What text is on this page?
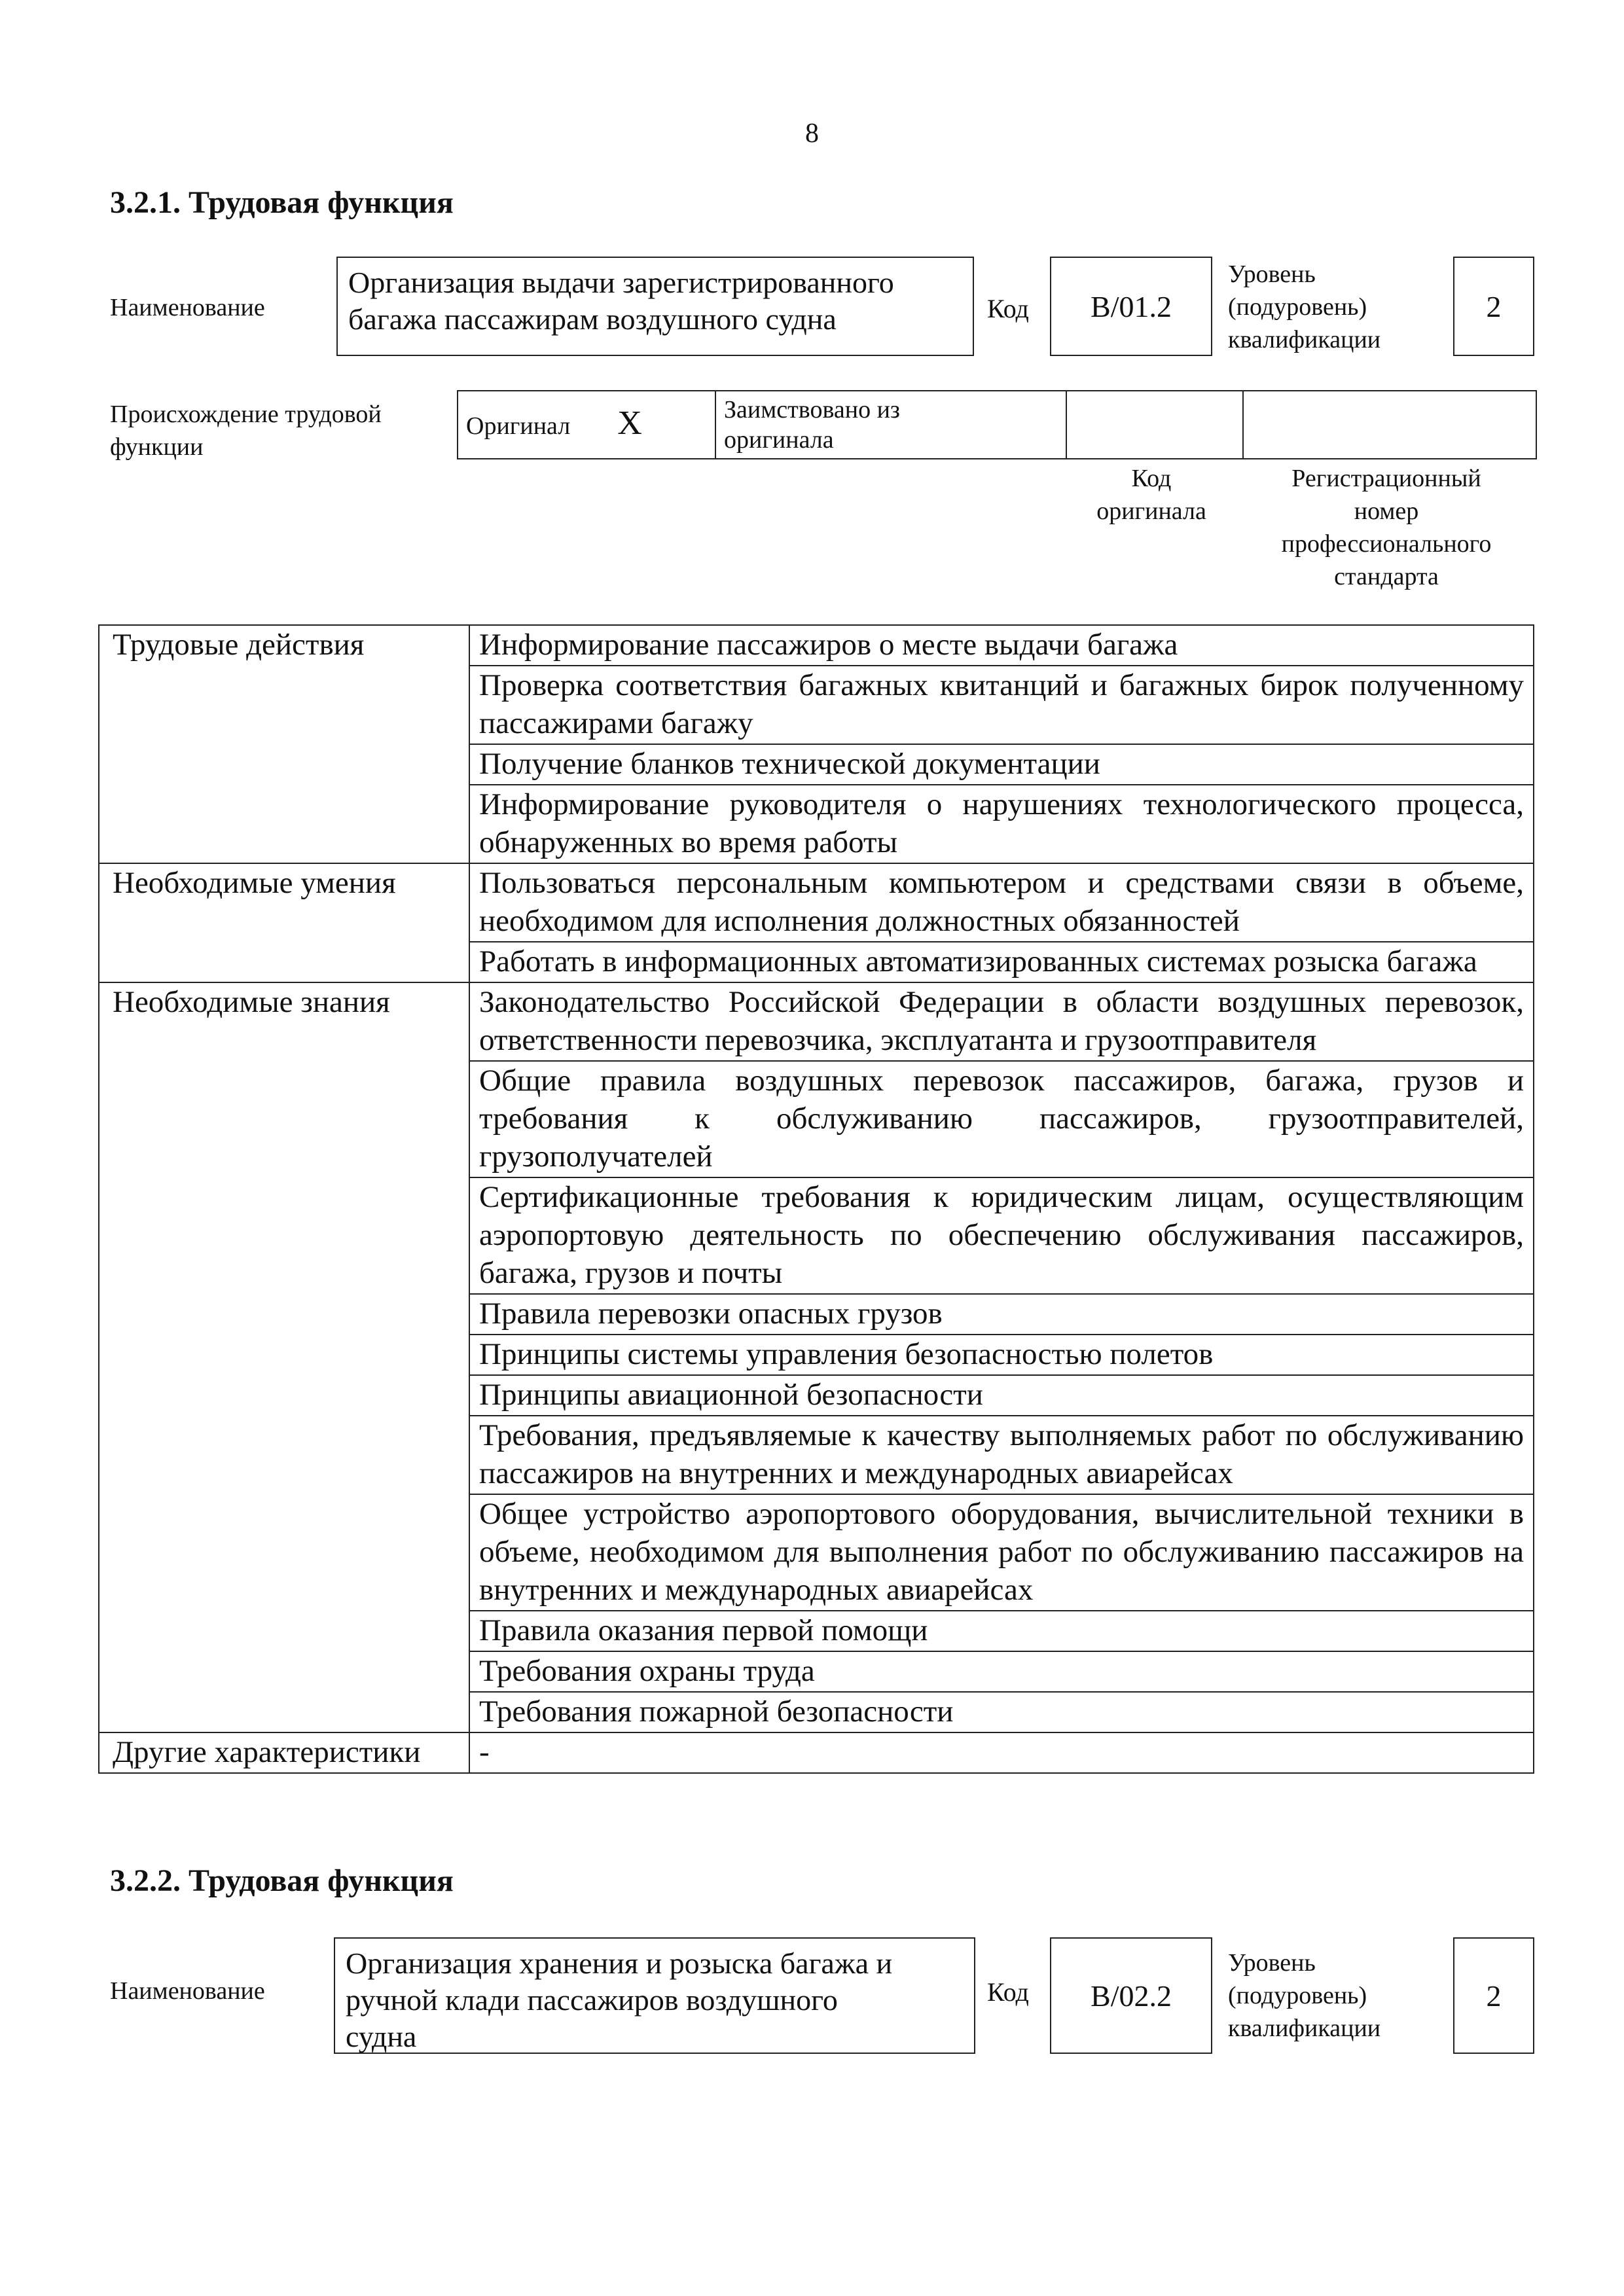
8
3.2.1. Трудовая функция
Наименование
Организация выдачи зарегистрированного
багажа пассажирам воздушного судна	Код B/01.2
Уровень
(подуровень)
квалификации
2
Происхождение трудовой
функции
Оригинал X	Заимствовано из
оригинала

Код
оригинала
Регистрационный
номер
профессионального
стандарта
Трудовые действия	Информирование пассажиров о месте выдачи багажа
	Проверка соответствия багажных квитанций и багажных бирок полученному пассажирами багажу
	Получение бланков технической документации
	Информирование руководителя о нарушениях технологического процесса, обнаруженных во время работы
Необходимые умения	Пользоваться персональным компьютером и средствами связи в объеме, необходимом для исполнения должностных обязанностей
	Работать в информационных автоматизированных системах розыска багажа
Необходимые знания	Законодательство Российской Федерации в области воздушных перевозок, ответственности перевозчика, эксплуатанта и грузоотправителя
	Общие правила воздушных перевозок пассажиров, багажа, грузов и требования к обслуживанию пассажиров, грузоотправителей, грузополучателей
	Сертификационные требования к юридическим лицам, осуществляющим аэропортовую деятельность по обеспечению обслуживания пассажиров, багажа, грузов и почты
	Правила перевозки опасных грузов
	Принципы системы управления безопасностью полетов
	Принципы авиационной безопасности
	Требования, предъявляемые к качеству выполняемых работ по обслуживанию пассажиров на внутренних и международных авиарейсах
	Общее устройство аэропортового оборудования, вычислительной техники в объеме, необходимом для выполнения работ по обслуживанию пассажиров на внутренних и международных авиарейсах
	Правила оказания первой помощи
	Требования охраны труда
	Требования пожарной безопасности
Другие характеристики	-
3.2.2. Трудовая функция
Наименование
Организация хранения и розыска багажа и
ручной клади пассажиров воздушного
судна
Код B/02.2
Уровень
(подуровень)
квалификации
2
